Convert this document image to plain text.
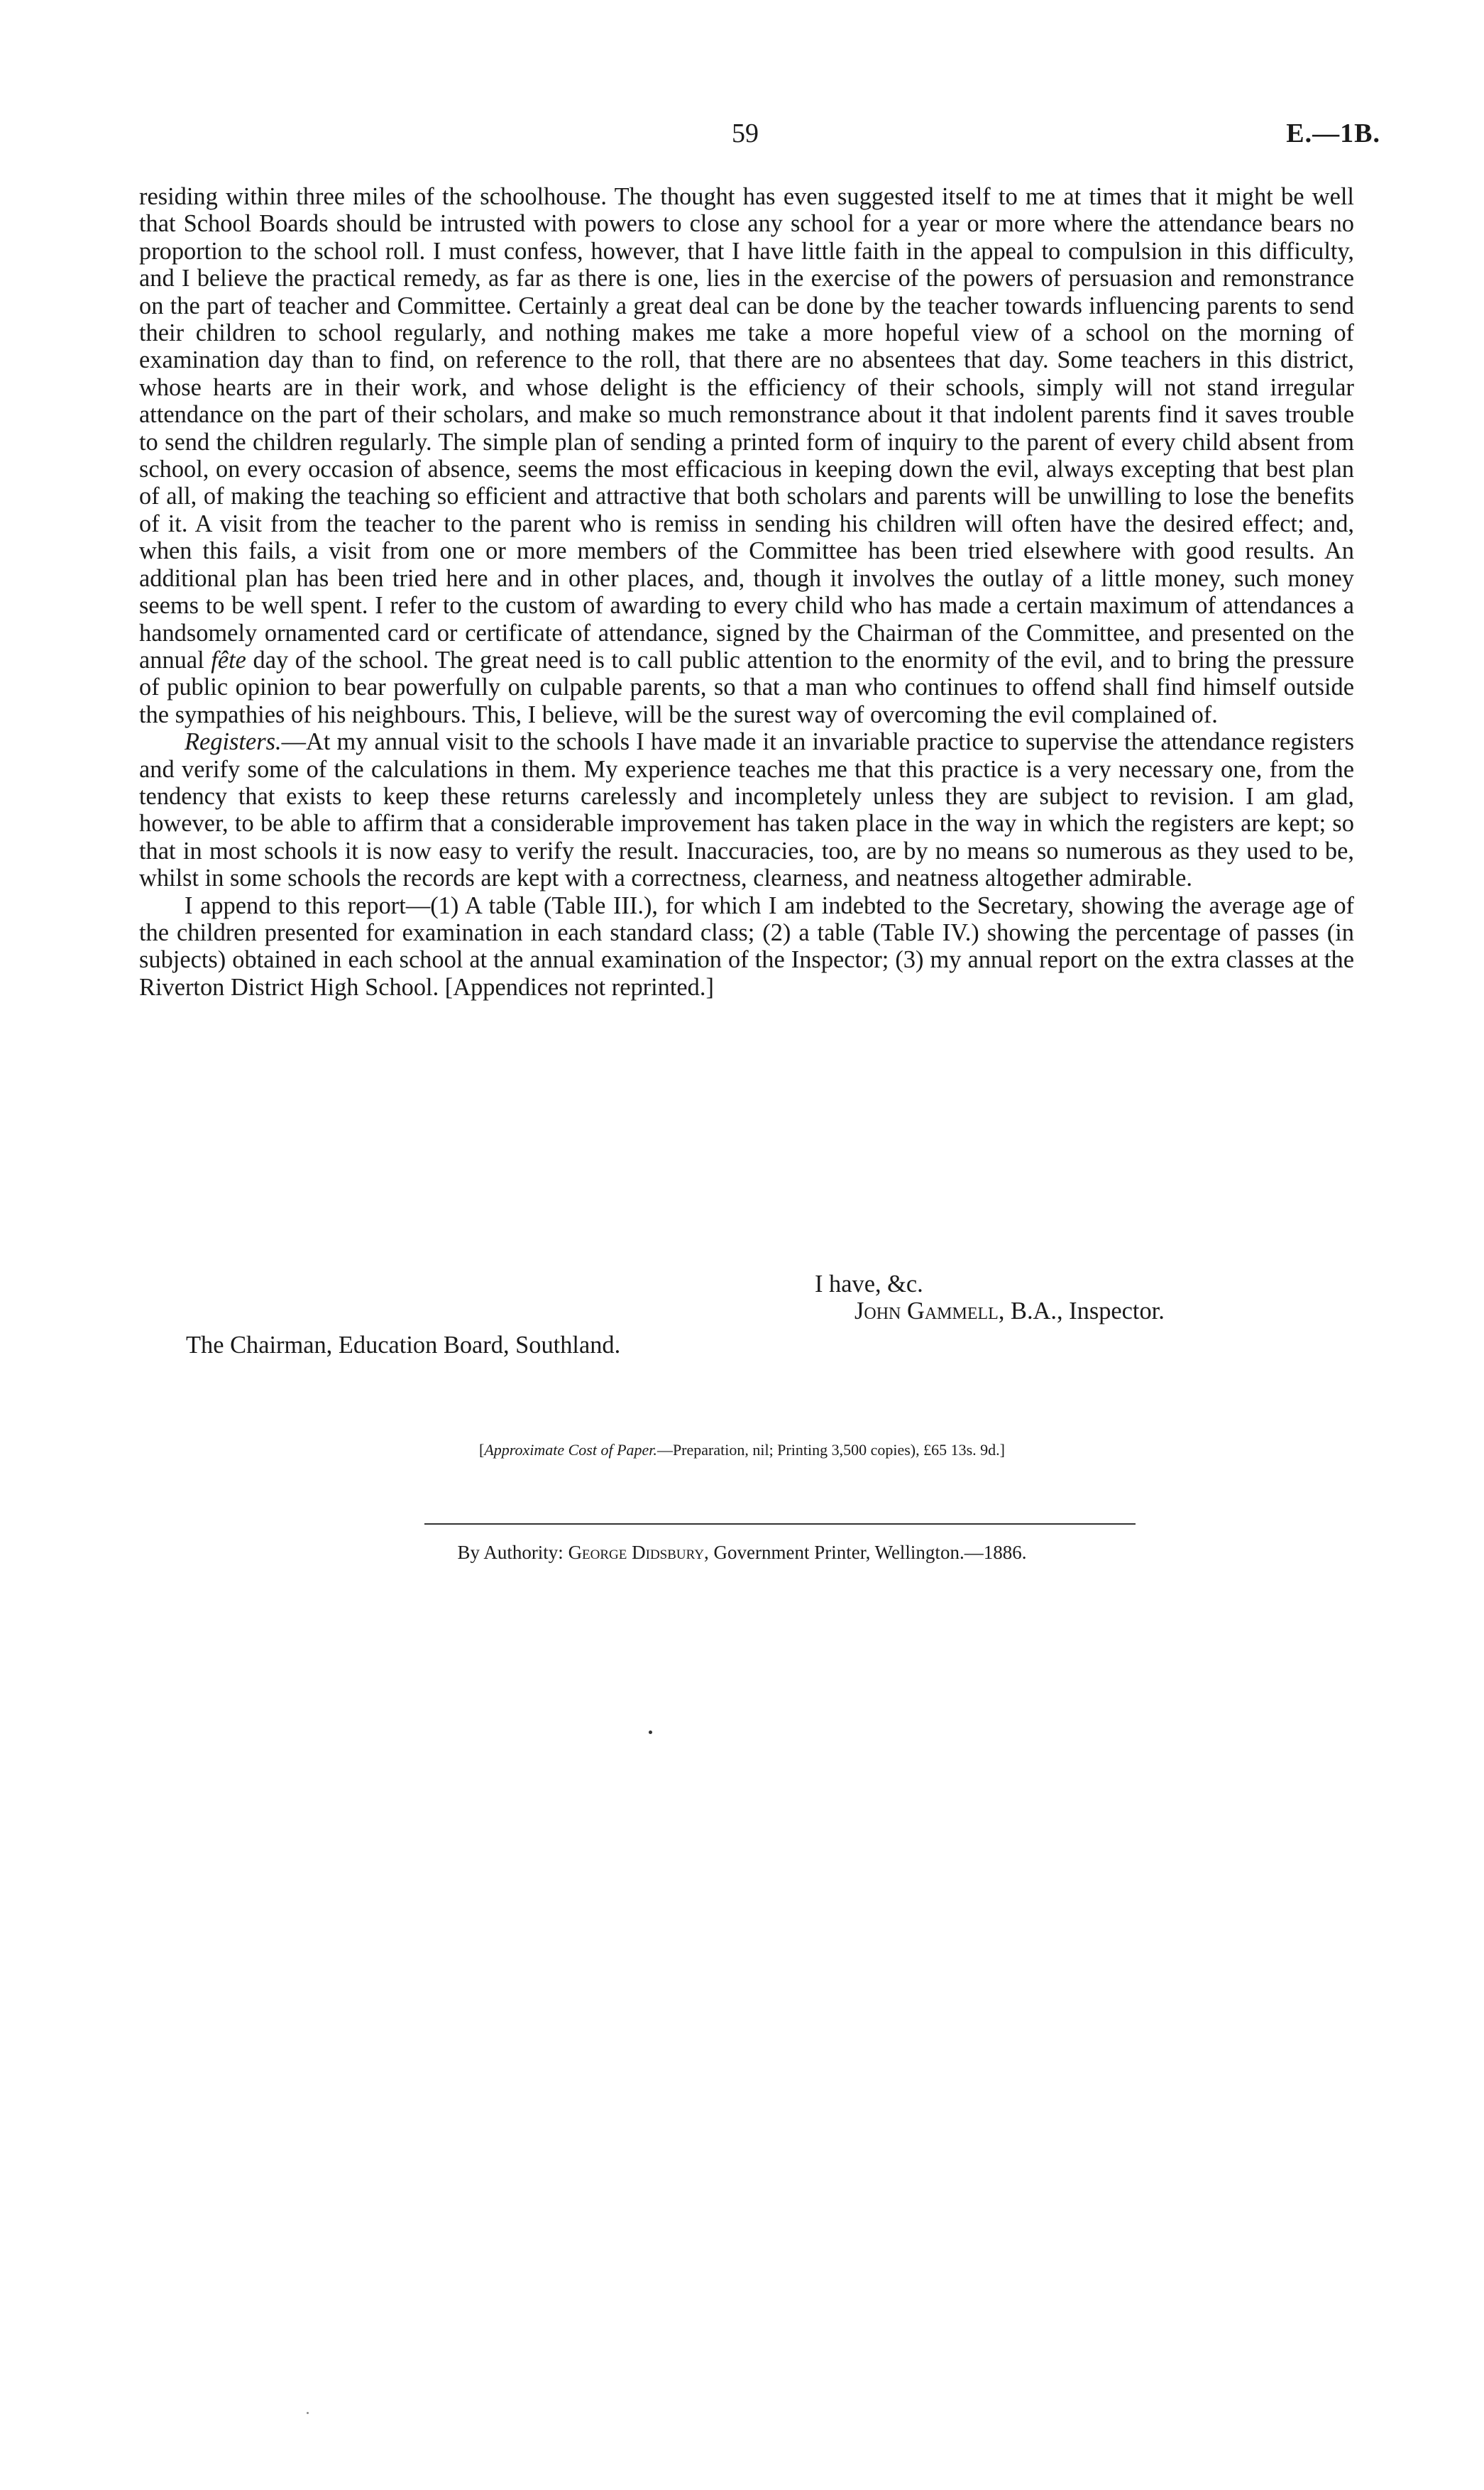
59	E.—1B.

residing within three miles of the schoolhouse. The thought has even suggested itself to me at times that it might be well that School Boards should be intrusted with powers to close any school for a year or more where the attendance bears no proportion to the school roll. I must confess, however, that I have little faith in the appeal to compulsion in this difficulty, and I believe the practical remedy, as far as there is one, lies in the exercise of the powers of persuasion and remonstrance on the part of teacher and Committee. Certainly a great deal can be done by the teacher towards influencing parents to send their children to school regularly, and nothing makes me take a more hopeful view of a school on the morning of examination day than to find, on reference to the roll, that there are no absentees that day. Some teachers in this district, whose hearts are in their work, and whose delight is the efficiency of their schools, simply will not stand irregular attendance on the part of their scholars, and make so much remonstrance about it that indolent parents find it saves trouble to send the children regularly. The simple plan of sending a printed form of inquiry to the parent of every child absent from school, on every occasion of absence, seems the most efficacious in keeping down the evil, always excepting that best plan of all, of making the teaching so efficient and attractive that both scholars and parents will be unwilling to lose the benefits of it. A visit from the teacher to the parent who is remiss in sending his children will often have the desired effect; and, when this fails, a visit from one or more members of the Committee has been tried elsewhere with good results. An additional plan has been tried here and in other places, and, though it involves the outlay of a little money, such money seems to be well spent. I refer to the custom of awarding to every child who has made a certain maximum of attendances a handsomely ornamented card or certificate of attendance, signed by the Chairman of the Committee, and presented on the annual fête day of the school. The great need is to call public attention to the enormity of the evil, and to bring the pressure of public opinion to bear powerfully on culpable parents, so that a man who continues to offend shall find himself outside the sympathies of his neighbours. This, I believe, will be the surest way of overcoming the evil complained of.

Registers.—At my annual visit to the schools I have made it an invariable practice to supervise the attendance registers and verify some of the calculations in them. My experience teaches me that this practice is a very necessary one, from the tendency that exists to keep these returns carelessly and incompletely unless they are subject to revision. I am glad, however, to be able to affirm that a considerable improvement has taken place in the way in which the registers are kept; so that in most schools it is now easy to verify the result. Inaccuracies, too, are by no means so numerous as they used to be, whilst in some schools the records are kept with a correctness, clearness, and neatness altogether admirable.

I append to this report—(1) A table (Table III.), for which I am indebted to the Secretary, showing the average age of the children presented for examination in each standard class; (2) a table (Table IV.) showing the percentage of passes (in subjects) obtained in each school at the annual examination of the Inspector; (3) my annual report on the extra classes at the Riverton District High School. [Appendices not reprinted.]

I have, &c.
John Gammell, B.A., Inspector.
The Chairman, Education Board, Southland.
[Approximate Cost of Paper.—Preparation, nil; Printing 3,500 copies), £65 13s. 9d.]
By Authority: George Didsbury, Government Printer, Wellington.—1886.
